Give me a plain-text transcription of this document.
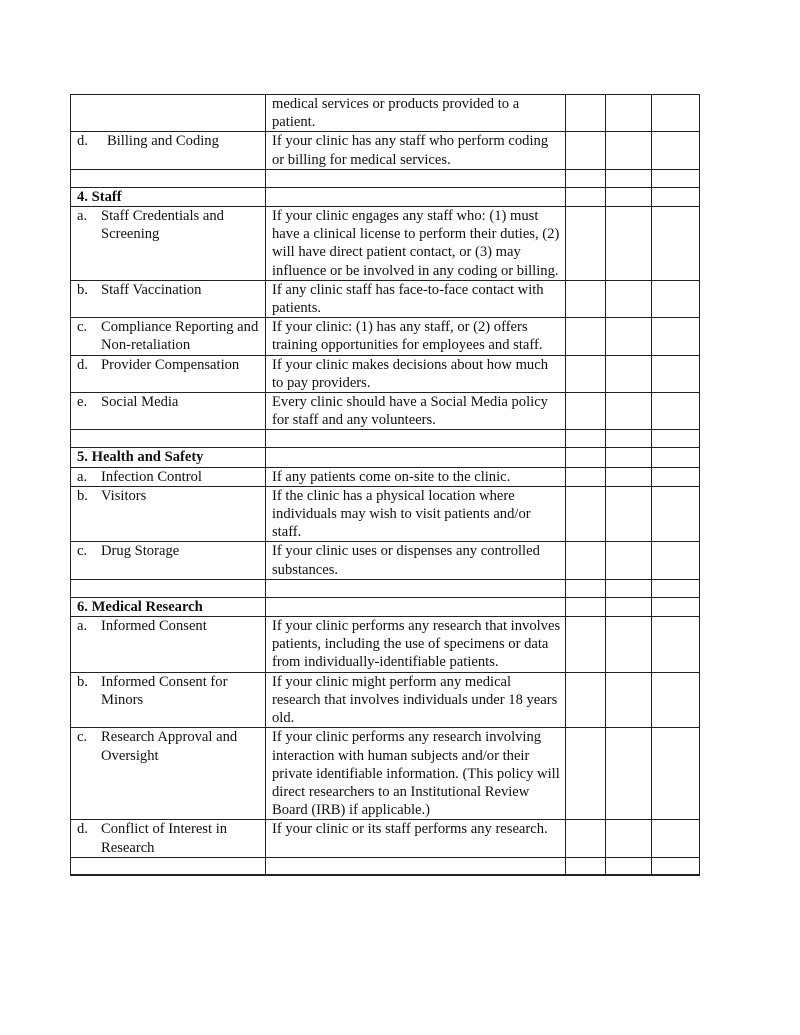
	medical services or products provided to a patient.			

d. Billing and Coding	If your clinic has any staff who perform coding or billing for medical services.			

4. Staff				

a. Staff Credentials and Screening	If your clinic engages any staff who: (1) must have a clinical license to perform their duties, (2) will have direct patient contact, or (3) may influence or be involved in any coding or billing.			

b. Staff Vaccination	If any clinic staff has face-to-face contact with patients.			

c. Compliance Reporting and Non-retaliation	If your clinic: (1) has any staff, or (2) offers training opportunities for employees and staff.			

d. Provider Compensation	If your clinic makes decisions about how much to pay providers.			

e. Social Media	Every clinic should have a Social Media policy for staff and any volunteers.			

5. Health and Safety				

a. Infection Control	If any patients come on-site to the clinic.			

b. Visitors	If the clinic has a physical location where individuals may wish to visit patients and/or staff.			

c. Drug Storage	If your clinic uses or dispenses any controlled substances.			

6. Medical Research				

a. Informed Consent	If your clinic performs any research that involves patients, including the use of specimens or data from individually-identifiable patients.			

b. Informed Consent for Minors	If your clinic might perform any medical research that involves individuals under 18 years old.			

c. Research Approval and Oversight	If your clinic performs any research involving interaction with human subjects and/or their private identifiable information. (This policy will direct researchers to an Institutional Review Board (IRB) if applicable.)			

d. Conflict of Interest in Research	If your clinic or its staff performs any research.			
